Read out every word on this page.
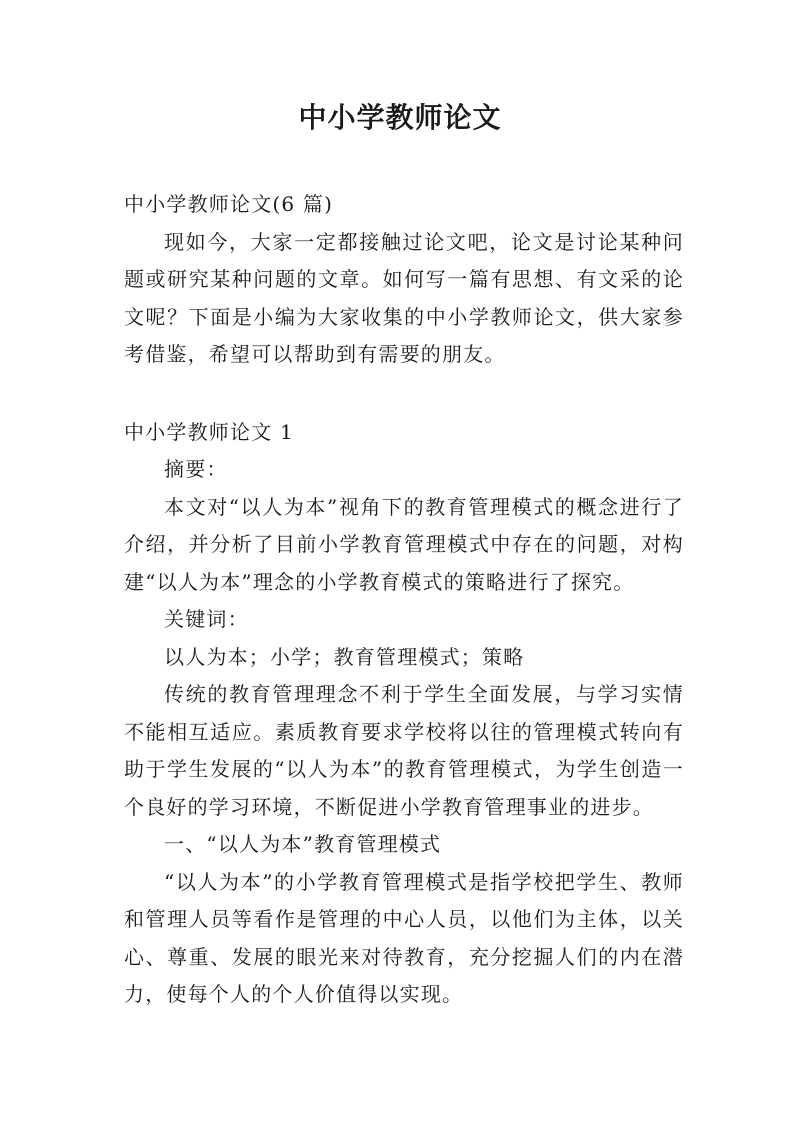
中小学教师论文
中小学教师论文(6 篇)

现如今，大家一定都接触过论文吧，论文是讨论某种问题或研究某种问题的文章。如何写一篇有思想、有文采的论文呢？下面是小编为大家收集的中小学教师论文，供大家参考借鉴，希望可以帮助到有需要的朋友。

中小学教师论文 1
摘要：

本文对“以人为本”视角下的教育管理模式的概念进行了介绍，并分析了目前小学教育管理模式中存在的问题，对构建“以人为本”理念的小学教育模式的策略进行了探究。

关键词：
以人为本；小学；教育管理模式；策略

传统的教育管理理念不利于学生全面发展，与学习实情不能相互适应。素质教育要求学校将以往的管理模式转向有助于学生发展的“以人为本”的教育管理模式，为学生创造一个良好的学习环境，不断促进小学教育管理事业的进步。

一、“以人为本”教育管理模式

“以人为本”的小学教育管理模式是指学校把学生、教师和管理人员等看作是管理的中心人员，以他们为主体，以关心、尊重、发展的眼光来对待教育，充分挖掘人们的内在潜力，使每个人的个人价值得以实现。
